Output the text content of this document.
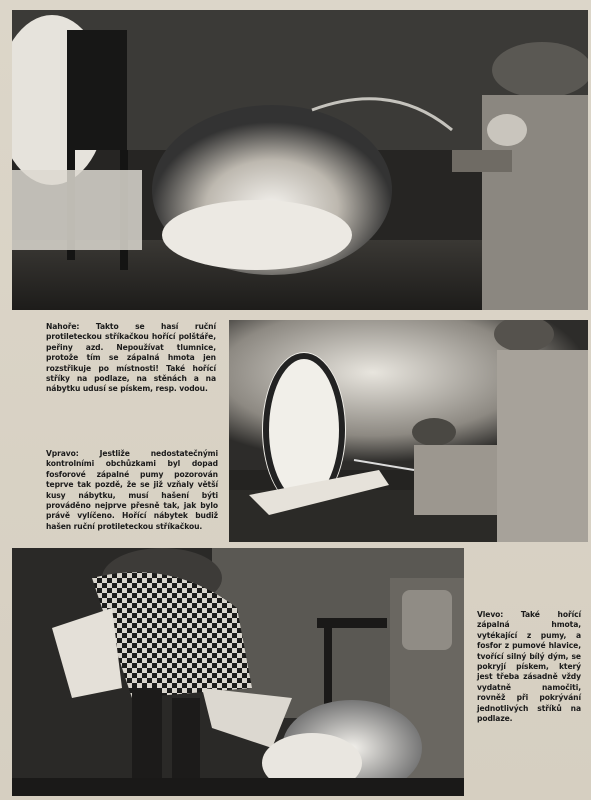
Nahoře: Takto se hasí ruční protileteckou stříkačkou hořící polštáře, peřiny azd. Nepoužívat tlumnice, protože tím se zápalná hmota jen rozstřikuje po místnosti! Také hořící stříky na podlaze, na stěnách a na nábytku udusí se pískem, resp. vodou.
Vpravo: Jestliže nedostatečnými kontrolními obchůzkami byl dopad fosforové zápalné pumy pozorován teprve tak pozdě, že se již vzňaly větší kusy nábytku, musí hašení býti prováděno nejprve přesně tak, jak bylo právě vylíčeno. Hořící nábytek budiž hašen ruční protileteckou stříkačkou.
Vlevo: Také hořící zápalná hmota, vytékající z pumy, a fosfor z pumové hlavice, tvořící silný bílý dým, se pokryjí pískem, který jest třeba zásadně vždy vydatně namočiti, rovněž při pokrývání jednotlivých stříků na podlaze.
